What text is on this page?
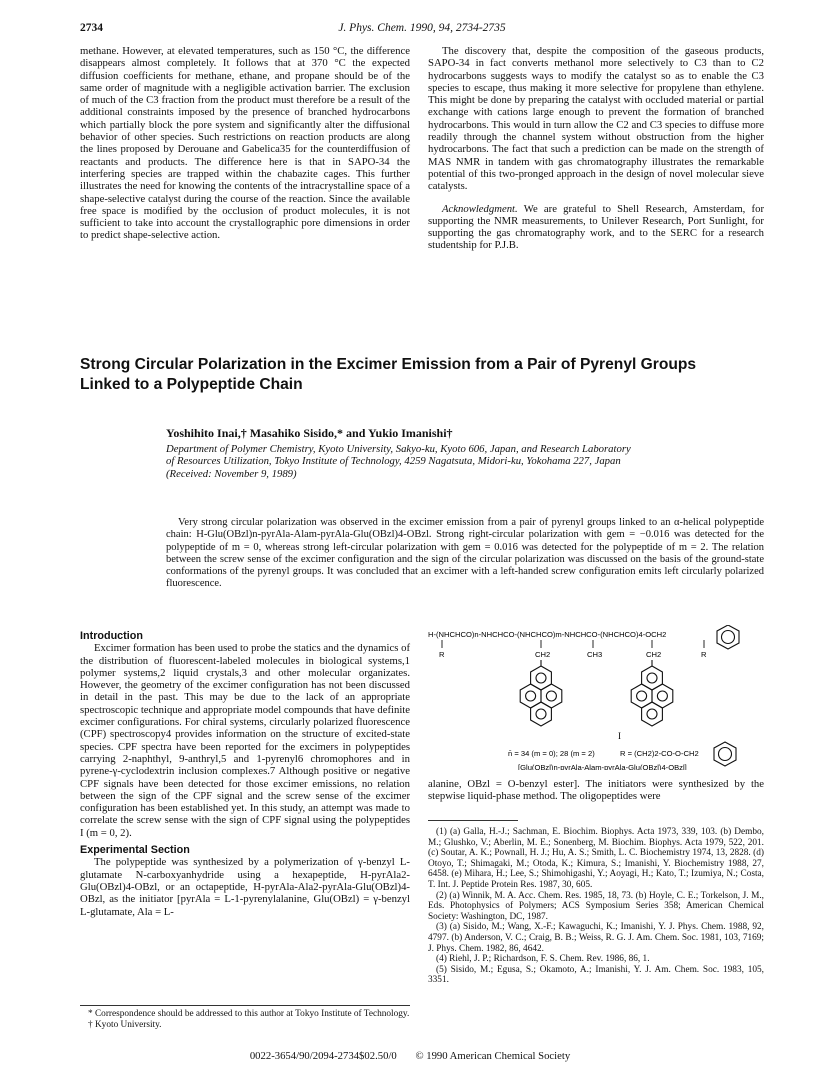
2734	J. Phys. Chem. 1990, 94, 2734-2735

methane. However, at elevated temperatures, such as 150 °C, the difference disappears almost completely. It follows that at 370 °C the expected diffusion coefficients for methane, ethane, and propane should be of the same order of magnitude with a negligible activation barrier. The exclusion of much of the C3 fraction from the product must therefore be a result of the additional constraints imposed by the presence of branched hydrocarbons which partially block the pore system and significantly alter the diffusional behavior of other species. Such restrictions on reaction products are along the lines proposed by Derouane and Gabelica35 for the counterdiffusion of reactants and products. The difference here is that in SAPO-34 the interfering species are trapped within the chabazite cages. This further illustrates the need for knowing the contents of the intracrystalline space of a shape-selective catalyst during the course of the reaction. Since the available free space is modified by the occlusion of product molecules, it is not sufficient to take into account the crystallographic pore dimensions in order to predict shape-selective action.

The discovery that, despite the composition of the gaseous products, SAPO-34 in fact converts methanol more selectively to C3 than to C2 hydrocarbons suggests ways to modify the catalyst so as to enable the C3 species to escape, thus making it more selective for propylene than ethylene. This might be done by preparing the catalyst with occluded material or partial exchange with cations large enough to prevent the formation of branched hydrocarbons. This would in turn allow the C2 and C3 species to diffuse more readily through the channel system without obstruction from the higher hydrocarbons. The fact that such a prediction can be made on the strength of MAS NMR in tandem with gas chromatography illustrates the remarkable potential of this two-pronged approach in the design of novel molecular sieve catalysts.

Acknowledgment. We are grateful to Shell Research, Amsterdam, for supporting the NMR measurements, to Unilever Research, Port Sunlight, for supporting the gas chromatography work, and to the SERC for a research studentship for P.J.B.

Strong Circular Polarization in the Excimer Emission from a Pair of Pyrenyl Groups
Linked to a Polypeptide Chain
Yoshihito Inai,† Masahiko Sisido,* and Yukio Imanishi†
Department of Polymer Chemistry, Kyoto University, Sakyo-ku, Kyoto 606, Japan, and Research Laboratory
of Resources Utilization, Tokyo Institute of Technology, 4259 Nagatsuta, Midori-ku, Yokohama 227, Japan
(Received: November 9, 1989)
Very strong circular polarization was observed in the excimer emission from a pair of pyrenyl groups linked to an α-helical polypeptide chain: H-Glu(OBzl)n-pyrAla-Alam-pyrAla-Glu(OBzl)4-OBzl. Strong right-circular polarization with gem = −0.016 was detected for the polypeptide of m = 0, whereas strong left-circular polarization with gem = 0.016 was detected for the polypeptide of m = 2. The relation between the screw sense of the excimer configuration and the sign of the circular polarization was discussed on the basis of the ground-state conformations of the pyrenyl groups. It was concluded that an excimer with a left-handed screw configuration emits left circularly polarized fluorescence.

Introduction

Excimer formation has been used to probe the statics and the dynamics of the distribution of fluorescent-labeled molecules in biological systems,1 polymer systems,2 liquid crystals,3 and other molecular organizates. However, the geometry of the excimer configuration has not been discussed in detail in the past. This may be due to the lack of an appropriate spectroscopic technique and appropriate model compounds that have definite excimer configurations. For chiral systems, circularly polarized fluorescence (CPF) spectroscopy4 provides information on the structure of excited-state species. CPF spectra have been reported for the excimers in polypeptides carrying 2-naphthyl, 9-anthryl,5 and 1-pyrenyl6 chromophores and in pyrene-γ-cyclodextrin inclusion complexes.7 Although positive or negative CPF signals have been detected for those excimer emissions, no relation between the sign of the CPF signal and the screw sense of the excimer configuration has been established yet. In this study, an attempt was made to correlate the screw sense with the sign of CPF signal using the polypeptides I (m = 0, 2).

Experimental Section

The polypeptide was synthesized by a polymerization of γ-benzyl L-glutamate N-carboxyanhydride using a hexapeptide, H-pyrAla2-Glu(OBzl)4-OBzl, or an octapeptide, H-pyrAla-Ala2-pyrAla-Glu(OBzl)4-OBzl, as the initiator [pyrAla = L-1-pyrenylalanine, Glu(OBzl) = γ-benzyl L-glutamate, Ala = L-

H-(NHCHCO)n-NHCHCO-(NHCHCO)m-NHCHCO-(NHCHCO)4-OCH2
R	CH2	CH3	CH2	R
I
n̄ = 34 (m = 0); 28 (m = 2)	R = (CH2)2-CO-O-CH2
[Glu(OBzl)n-pyrAla-Alam-pyrAla-Glu(OBzl)4-OBzl]

alanine, OBzl = O-benzyl ester]. The initiators were synthesized by the stepwise liquid-phase method. The oligopeptides were

(1) (a) Galla, H.-J.; Sachman, E. Biochim. Biophys. Acta 1973, 339, 103. (b) Dembo, M.; Glushko, V.; Aberlin, M. E.; Sonenberg, M. Biochim. Biophys. Acta 1979, 522, 201. (c) Soutar, A. K.; Pownall, H. J.; Hu, A. S.; Smith, L. C. Biochemistry 1974, 13, 2828. (d) Otoyo, T.; Shimagaki, M.; Otoda, K.; Kimura, S.; Imanishi, Y. Biochemistry 1988, 27, 6458. (e) Mihara, H.; Lee, S.; Shimohigashi, Y.; Aoyagi, H.; Kato, T.; Izumiya, N.; Costa, T. Int. J. Peptide Protein Res. 1987, 30, 605.

(2) (a) Winnik, M. A. Acc. Chem. Res. 1985, 18, 73. (b) Hoyle, C. E.; Torkelson, J. M., Eds. Photophysics of Polymers; ACS Symposium Series 358; American Chemical Society: Washington, DC, 1987.

(3) (a) Sisido, M.; Wang, X.-F.; Kawaguchi, K.; Imanishi, Y. J. Phys. Chem. 1988, 92, 4797. (b) Anderson, V. C.; Craig, B. B.; Weiss, R. G. J. Am. Chem. Soc. 1981, 103, 7169; J. Phys. Chem. 1982, 86, 4642.

(4) Riehl, J. P.; Richardson, F. S. Chem. Rev. 1986, 86, 1.

(5) Sisido, M.; Egusa, S.; Okamoto, A.; Imanishi, Y. J. Am. Chem. Soc. 1983, 105, 3351.

* Correspondence should be addressed to this author at Tokyo Institute of Technology.

† Kyoto University.

0022-3654/90/2094-2734$02.50/0 © 1990 American Chemical Society
